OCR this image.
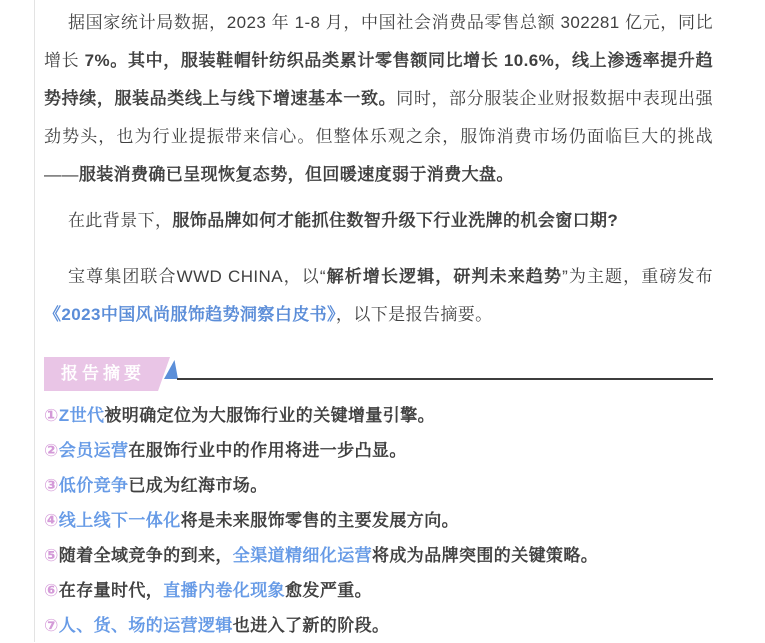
据国家统计局数据，2023 年 1-8 月，中国社会消费品零售总额 302281 亿元，同比增长 7%。其中，服装鞋帽针纺织品类累计零售额同比增长 10.6%，线上渗透率提升趋势持续，服装品类线上与线下增速基本一致。同时，部分服装企业财报数据中表现出强劲势头，也为行业提振带来信心。但整体乐观之余，服饰消费市场仍面临巨大的挑战——服装消费确已呈现恢复态势，但回暖速度弱于消费大盘。

在此背景下，服饰品牌如何才能抓住数智升级下行业洗牌的机会窗口期?

宝尊集团联合WWD CHINA，以“解析增长逻辑，研判未来趋势”为主题，重磅发布《2023中国风尚服饰趋势洞察白皮书》，以下是报告摘要。

报告摘要
①Z世代被明确定位为大服饰行业的关键增量引擎。
②会员运营在服饰行业中的作用将进一步凸显。
③低价竞争已成为红海市场。
④线上线下一体化将是未来服饰零售的主要发展方向。
⑤随着全域竞争的到来，全渠道精细化运营将成为品牌突围的关键策略。
⑥在存量时代，直播内卷化现象愈发严重。
⑦人、货、场的运营逻辑也进入了新的阶段。
